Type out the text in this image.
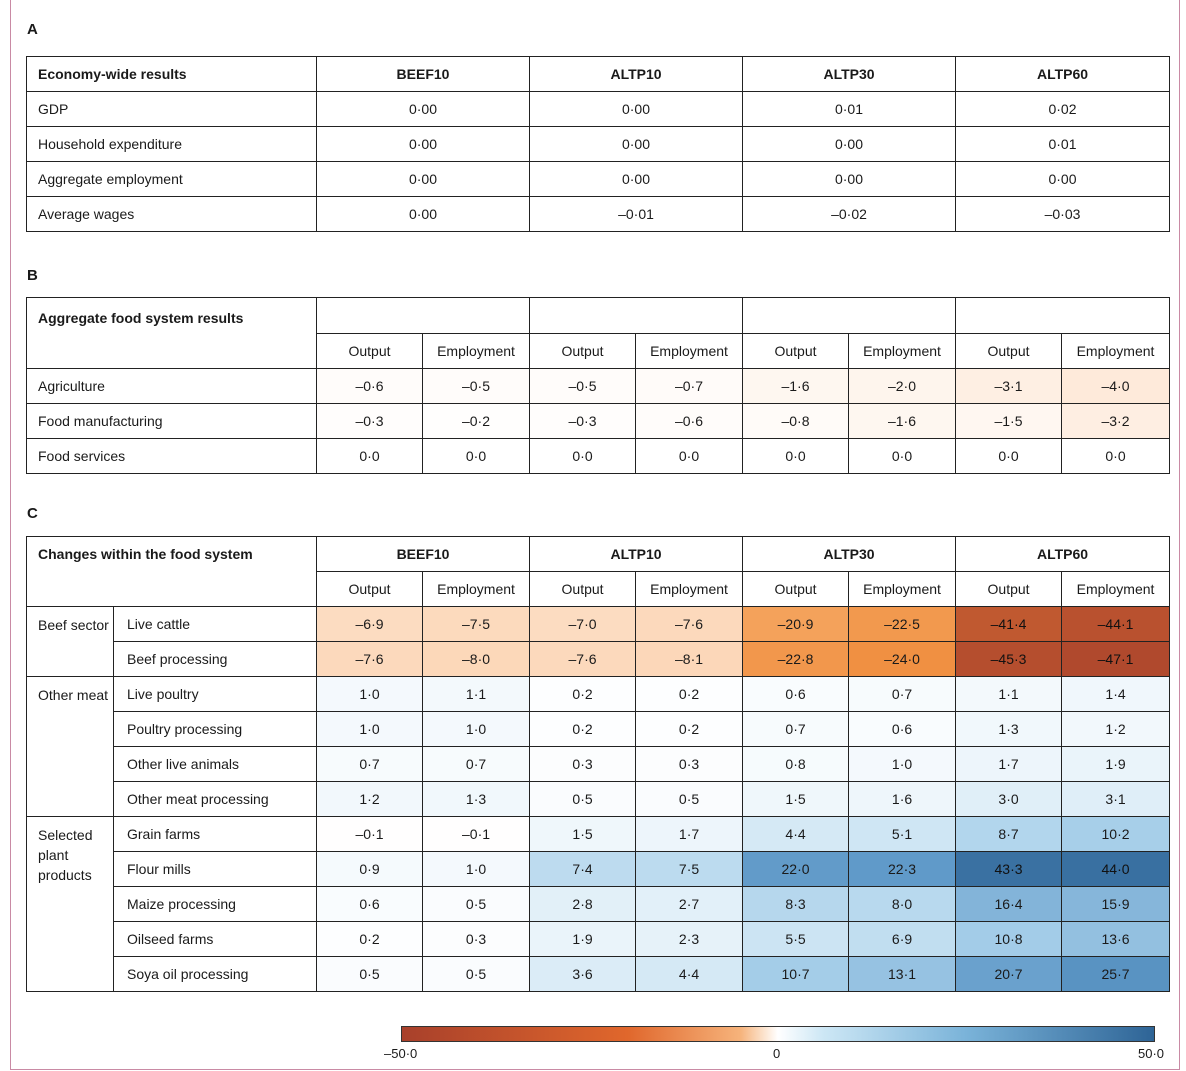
A
Economy-wide results	BEEF10	ALTP10	ALTP30	ALTP60
GDP	0·00	0·00	0·01	0·02
Household expenditure	0·00	0·00	0·00	0·01
Aggregate employment	0·00	0·00	0·00	0·00
Average wages	0·00	–0·01	–0·02	–0·03
B
Aggregate food system results								
	Output	Employment	Output	Employment	Output	Employment	Output	Employment
Agriculture	–0·6	–0·5	–0·5	–0·7	–1·6	–2·0	–3·1	–4·0
Food manufacturing	–0·3	–0·2	–0·3	–0·6	–0·8	–1·6	–1·5	–3·2
Food services	0·0	0·0	0·0	0·0	0·0	0·0	0·0	0·0
C
Changes within the food system		BEEF10		ALTP10		ALTP30		ALTP60	
		Output	Employment	Output	Employment	Output	Employment	Output	Employment
Beef sector	Live cattle	–6·9	–7·5	–7·0	–7·6	–20·9	–22·5	–41·4	–44·1
	Beef processing	–7·6	–8·0	–7·6	–8·1	–22·8	–24·0	–45·3	–47·1
Other meat	Live poultry	1·0	1·1	0·2	0·2	0·6	0·7	1·1	1·4
	Poultry processing	1·0	1·0	0·2	0·2	0·7	0·6	1·3	1·2
	Other live animals	0·7	0·7	0·3	0·3	0·8	1·0	1·7	1·9
	Other meat processing	1·2	1·3	0·5	0·5	1·5	1·6	3·0	3·1
Selected plant products	Grain farms	–0·1	–0·1	1·5	1·7	4·4	5·1	8·7	10·2
	Flour mills	0·9	1·0	7·4	7·5	22·0	22·3	43·3	44·0
	Maize processing	0·6	0·5	2·8	2·7	8·3	8·0	16·4	15·9
	Oilseed farms	0·2	0·3	1·9	2·3	5·5	6·9	10·8	13·6
	Soya oil processing	0·5	0·5	3·6	4·4	10·7	13·1	20·7	25·7
–50·0	0	50·0
